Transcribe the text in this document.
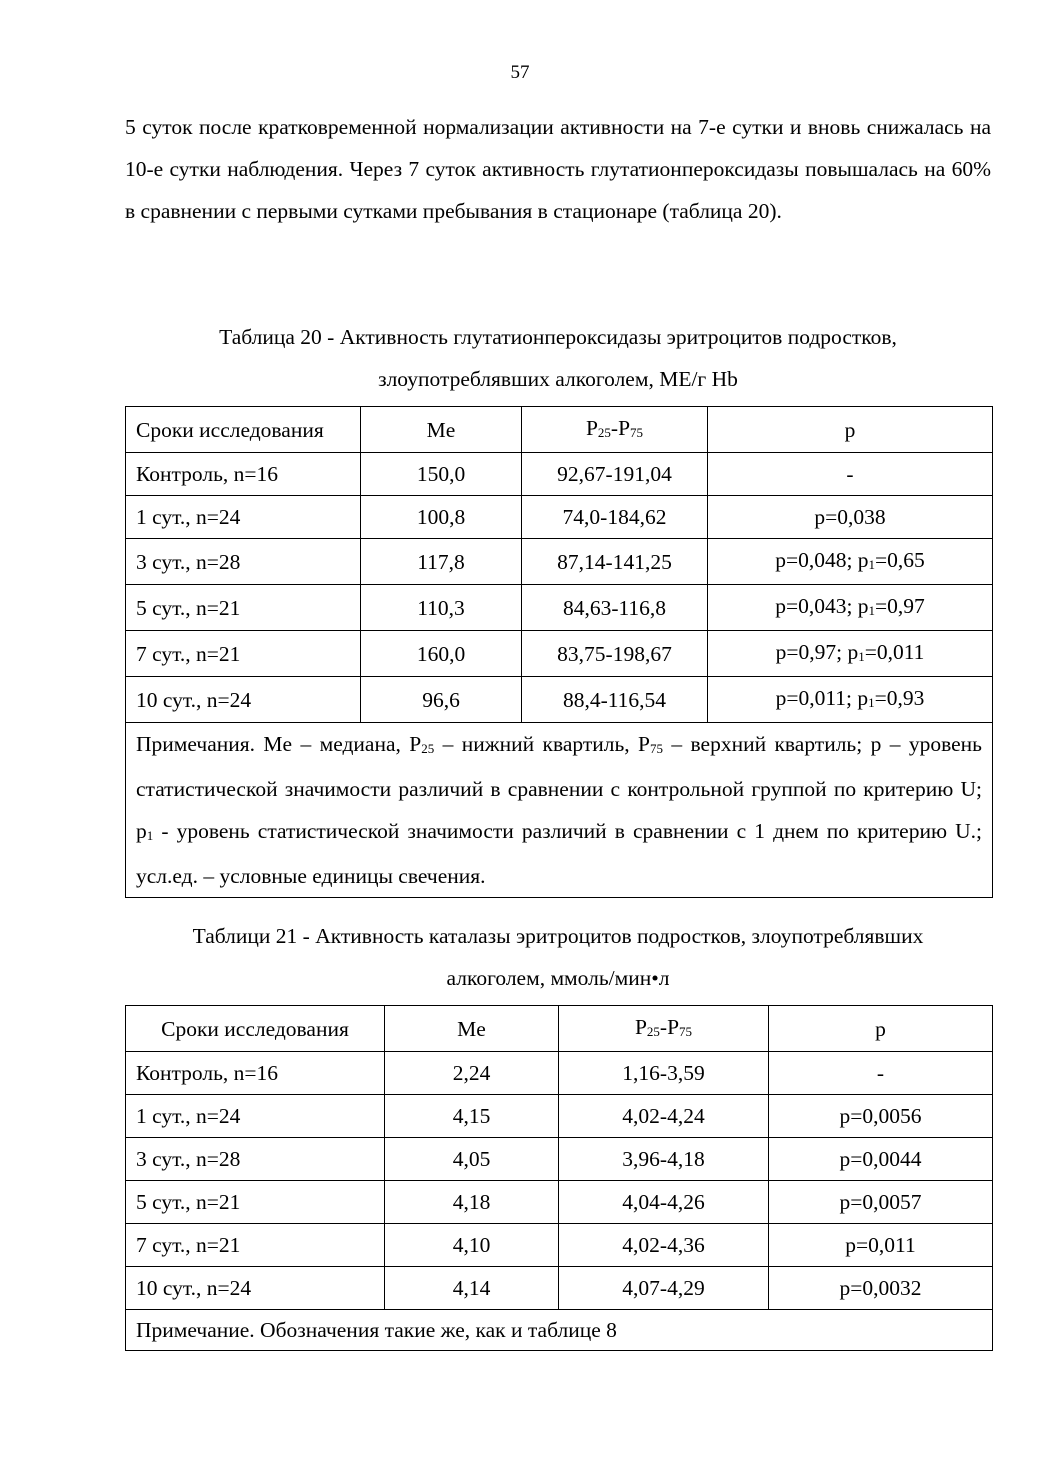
57

5 суток после кратковременной нормализации активности на 7-е сутки и вновь снижалась на 10-е сутки наблюдения. Через 7 суток активность глутатионпероксидазы повышалась на 60% в сравнении с первыми сутками пребывания в стационаре (таблица 20).

Таблица 20 - Активность глутатионпероксидазы эритроцитов подростков,
злоупотреблявших алкоголем, МЕ/г Hb

Сроки исследования	Me	$P_{25}-P_{75}$	p
Контроль, n=16	150,0	92,67-191,04	-
1 сут., n=24	100,8	74,0-184,62	p=0,038
3 сут., n=28	117,8	87,14-141,25	p=0,048; $p_1=0,65$
5 сут., n=21	110,3	84,63-116,8	p=0,043; $p_1=0,97$
7 сут., n=21	160,0	83,75-198,67	p=0,97; $p_1=0,011$
10 сут., n=24	96,6	88,4-116,54	p=0,011; $p_1=0,93$
Примечания. Me – медиана, $P_{25}$ – нижний квартиль, $P_{75}$ – верхний квартиль; p – уровень статистической значимости различий в сравнении с контрольной группой по критерию U; $p_1$ - уровень статистической значимости различий в сравнении с 1 днем по критерию U.; усл.ед. – условные единицы свечения.			

Таблици 21 - Активность каталазы эритроцитов подростков, злоупотреблявших
алкоголем, ммоль/мин•л

Сроки исследования	Me	$P_{25}-P_{75}$	p
Контроль, n=16	2,24	1,16-3,59	-
1 сут., n=24	4,15	4,02-4,24	p=0,0056
3 сут., n=28	4,05	3,96-4,18	p=0,0044
5 сут., n=21	4,18	4,04-4,26	p=0,0057
7 сут., n=21	4,10	4,02-4,36	p=0,011
10 сут., n=24	4,14	4,07-4,29	p=0,0032
Примечание. Обозначения такие же, как и таблице 8			
